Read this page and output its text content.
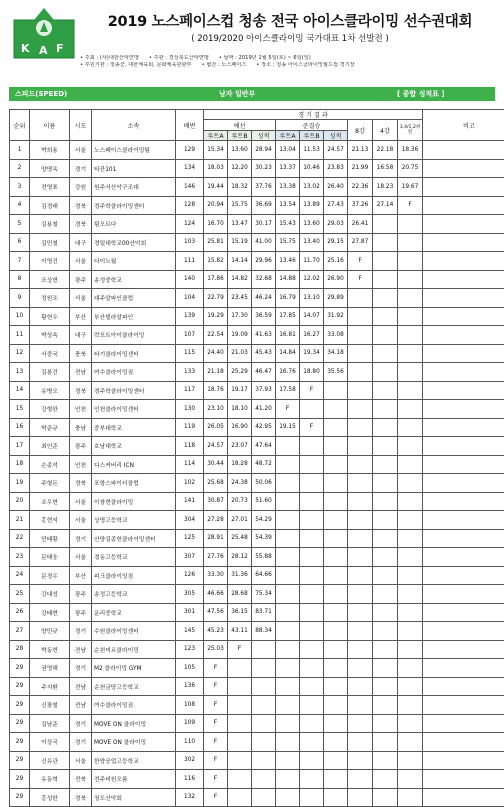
K F
A
2019 노스페이스컵 청송 전국 아이스클라이밍 선수권대회
( 2019/2020 아이스클라이밍 국가대표 1차 선발전 )
• 주최 : (사)대한산악연맹 • 주관 : 경상북도산악연맹 • 날짜 : 2019년 1월 5일(토) ~ 6일(일)
• 후원기관 : 청송군, 대한체육회, 문화체육관광부 • 협찬 : 노스페이스 • 장소 : 청송 아이스클라이밍월드컵 경기장
스피드(SPEED)	남자 일반부	[ 종합 성적표 ]
순위	이름	시도	소속	배번	경 기 결 과									비고
					예선			준결승			8강	4강	3,4/1,2위전	
					루트A	루트B	성적	루트A	루트B	성적				
1	박희용	서울	노스페이스클라이밍팀	129	15.34	13.60	28.94	13.04	11.53	24.57	21.13	22.18	18.36	
2	양명옥	경기	타잔101	134	18.03	12.20	30.23	13.37	10.46	23.83	21.99	16.58	20.75	
3	전영표	강원	원주서산악구조대	146	19.44	18.32	37.76	13.38	13.02	26.40	22.36	18.23	19.67	
4	김경래	경북	경주학클라이밍센터	128	20.94	15.75	36.69	13.54	13.89	27.43	37.26	27.14	F	
5	김용철	경북	팀오르다	124	16.70	13.47	30.17	15.43	13.60	29.03	26.41			
6	김민철	대구	경일대학교00산악회	103	25.81	15.19	41.00	15.75	13.40	29.15	27.87			
7	이영건	서울	다이노월	111	15.82	14.14	29.96	13.46	11.70	25.16	F			
8	조상현	광주	송정중학교	140	17.86	14.82	32.68	14.88	12.02	26.90	F			
9	정원조	서울	대주알파인클럽	104	22.79	23.45	46.24	16.79	13.10	29.89				
10	황현우	부산	부산빌라알파인	139	19.29	17.30	36.59	17.85	14.07	31.92				
11	박상속	대구	락포트아이클라이밍	107	22.54	19.09	41.63	16.81	16.27	33.08				
12	서중국	충북	타기클라이밍센터	115	24.40	21.03	45.43	14.84	19.34	34.18				
13	김봉건	전남	여수클라이밍짐	133	21.18	25.29	46.47	16.76	18.80	35.56				
14	유병오	경북	경주학클라이밍센터	117	18.76	19.17	37.93	17.58	F					
15	강형완	인천	인천클라이밍센터	130	23.10	18.10	41.20	F						
16	박준규	충남	중부대학교	119	26.05	16.90	42.95	19.15	F					
17	최인준	광주	호남대학교	118	24.57	23.07	47.64							
18	손종석	인천	디스커버리 ICN	114	30.44	18.28	48.72							
19	주형돈	경북	포항스파이더클럽	102	25.68	24.38	50.06							
20	조우현	서울	이창현클라이밍	141	30.87	20.73	51.60							
21	홍현석	서울	상명고등학교	304	27.28	27.01	54.29							
22	민태황	경기	안양김종헌클라이밍센터	125	28.91	25.48	54.39							
23	문태웅	서울	경동고등학교	307	27.76	28.12	55.88							
24	문경우	부산	피크클라이밍짐	126	33.30	31.36	64.66							
25	강대성	광주	송정고등학교	305	46.66	28.68	75.34							
26	강태현	광주	운리중학교	301	47.56	36.15	83.71							
27	양민규	경기	수원클라이밍센터	145	45.23	43.11	88.34							
28	박동현	전남	순천미르클라이밍	123	25.03	F								
29	권영해	경기	M2 클라이밍 GYM	105	F									
29	주지환	전남	순천금당고등학교	136	F									
29	신광철	전남	여수클라이밍짐	108	F									
29	김남준	경기	MOVE ON 클라이밍	109	F									
29	이상국	경기	MOVE ON 클라이밍	110	F									
29	신유관	서울	한양공업고등학교	302	F									
29	유동혁	전북	전주비원오름	116	F									
29	홍성한	경북	청도산악회	132	F									
